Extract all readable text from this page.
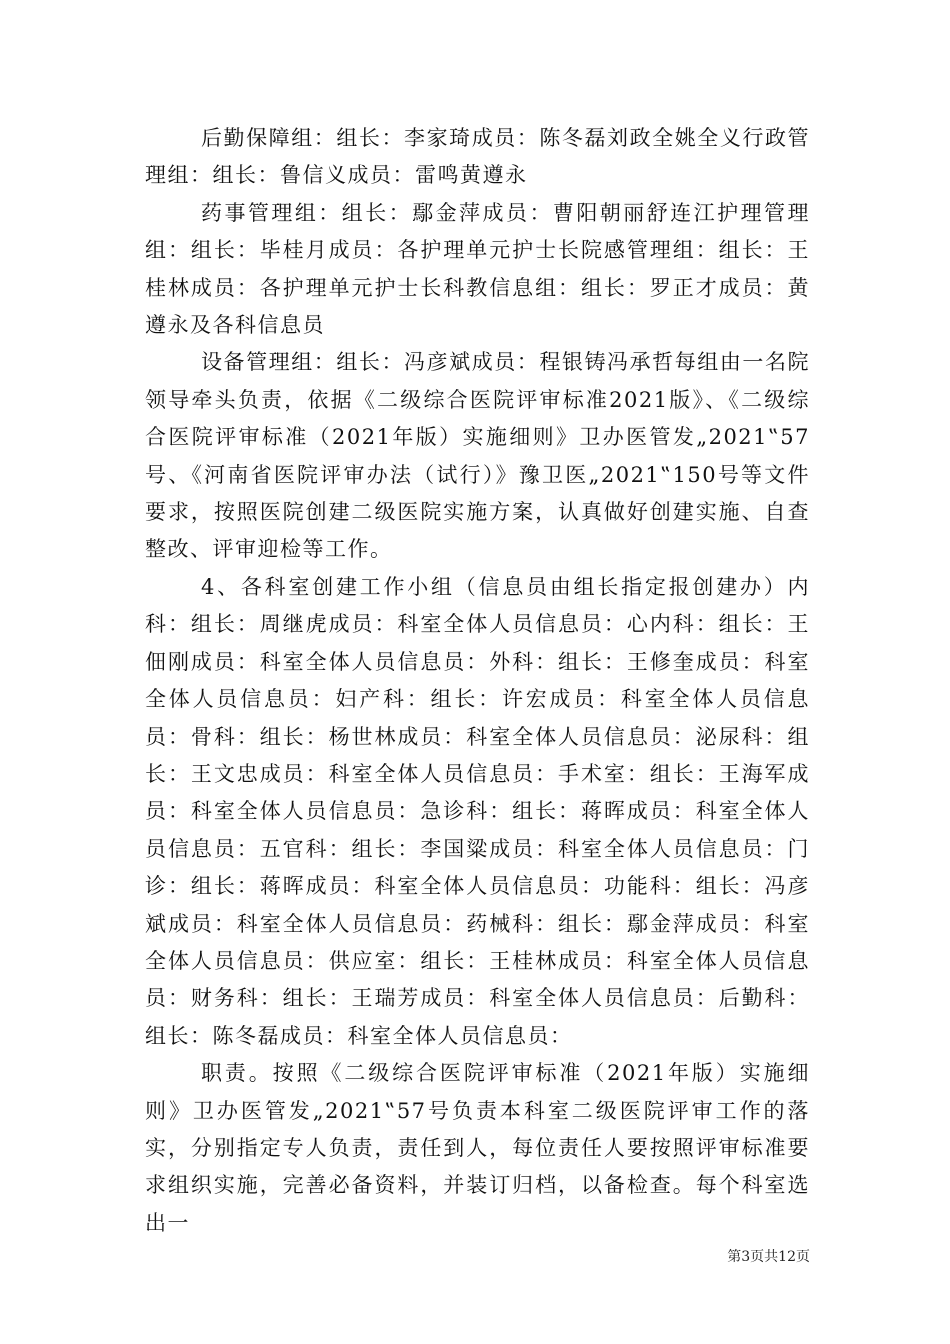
后勤保障组：组长：李家琦成员：陈冬磊刘政全姚全义行政管理组：组长：鲁信义成员：雷鸣黄遵永

药事管理组：组长：鄢金萍成员：曹阳朝丽舒连江护理管理组：组长：毕桂月成员：各护理单元护士长院感管理组：组长：王桂林成员：各护理单元护士长科教信息组：组长：罗正才成员：黄遵永及各科信息员

设备管理组：组长：冯彦斌成员：程银铸冯承哲每组由一名院领导牵头负责，依据《二级综合医院评审标准2021版》、《二级综合医院评审标准（2021年版）实施细则》卫办医管发„2021‟57号、《河南省医院评审办法（试行）》豫卫医„2021‟150号等文件要求，按照医院创建二级医院实施方案，认真做好创建实施、自查整改、评审迎检等工作。

4、各科室创建工作小组（信息员由组长指定报创建办）内科：组长：周继虎成员：科室全体人员信息员：心内科：组长：王佃刚成员：科室全体人员信息员：外科：组长：王修奎成员：科室全体人员信息员：妇产科：组长：许宏成员：科室全体人员信息员：骨科：组长：杨世林成员：科室全体人员信息员：泌尿科：组长：王文忠成员：科室全体人员信息员：手术室：组长：王海军成员：科室全体人员信息员：急诊科：组长：蒋晖成员：科室全体人员信息员：五官科：组长：李国粱成员：科室全体人员信息员：门诊：组长：蒋晖成员：科室全体人员信息员：功能科：组长：冯彦斌成员：科室全体人员信息员：药械科：组长：鄢金萍成员：科室全体人员信息员：供应室：组长：王桂林成员：科室全体人员信息员：财务科：组长：王瑞芳成员：科室全体人员信息员：后勤科：组长：陈冬磊成员：科室全体人员信息员：

职责。按照《二级综合医院评审标准（2021年版）实施细则》卫办医管发„2021‟57号负责本科室二级医院评审工作的落实，分别指定专人负责，责任到人，每位责任人要按照评审标准要求组织实施，完善必备资料，并装订归档，以备检查。每个科室选出一

第3页共12页
